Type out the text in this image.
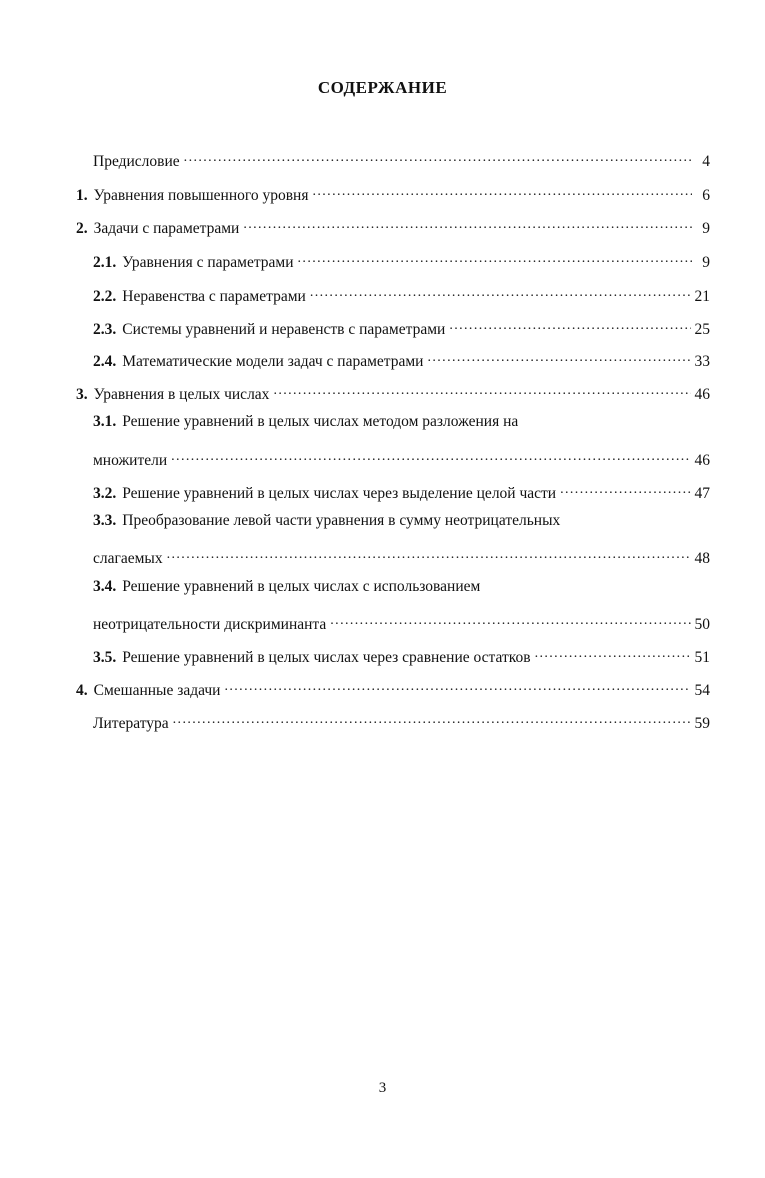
СОДЕРЖАНИЕ
Предисловие .....	4
1. Уравнения повышенного уровня .....	6
2. Задачи с параметрами .....	9
2.1. Уравнения с параметрами .....	9
2.2. Неравенства с параметрами .....	21
2.3. Системы уравнений и неравенств с параметрами .....	25
2.4. Математические модели задач с параметрами .....	33
3. Уравнения в целых числах .....	46
3.1. Решение уравнений в целых числах методом разложения на
множители .....	46
3.2. Решение уравнений в целых числах через выделение целой части .....	47
3.3. Преобразование левой части уравнения в сумму неотрицательных
слагаемых .....	48
3.4. Решение уравнений в целых числах с использованием
неотрицательности дискриминанта .....	50
3.5. Решение уравнений в целых числах через сравнение остатков .....	51
4. Смешанные задачи .....	54
Литература .....	59
3
